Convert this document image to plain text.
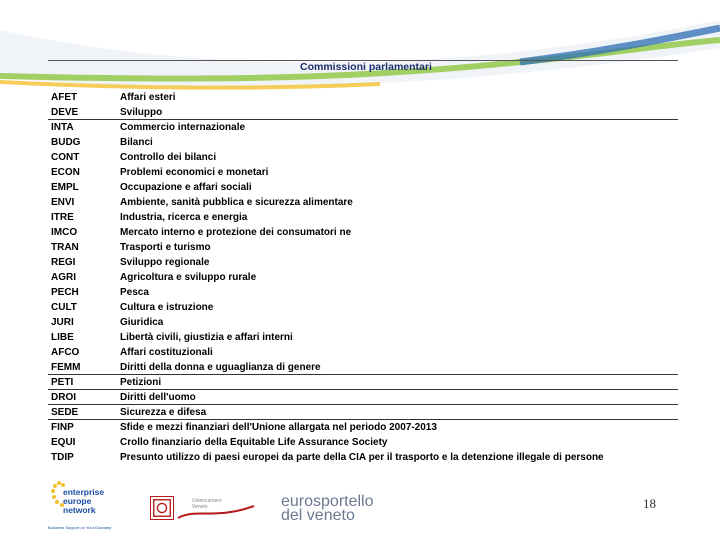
Commissioni parlamentari
AFET	Affari esteri
DEVE	Sviluppo
INTA	Commercio internazionale
BUDG	Bilanci
CONT	Controllo dei bilanci
ECON	Problemi economici e monetari
EMPL	Occupazione e affari sociali
ENVI	Ambiente, sanità pubblica e sicurezza alimentare
ITRE	Industria, ricerca e energia
IMCO	Mercato interno e protezione dei consumatori ne
TRAN	Trasporti e turismo
REGI	Sviluppo regionale
AGRI	Agricoltura e sviluppo rurale
PECH	Pesca
CULT	Cultura e istruzione
JURI	Giuridica
LIBE	Libertà civili, giustizia e affari interni
AFCO	Affari costituzionali
FEMM	Diritti della donna e uguaglianza di genere
PETI	Petizioni
DROI	Diritti dell'uomo
SEDE	Sicurezza e difesa
FINP	Sfide e mezzi finanziari dell'Unione allargata nel periodo 2007-2013
EQUI	Crollo finanziario della Equitable Life Assurance Society
TDIP	Presunto utilizzo di paesi europei da parte della CIA per il trasporto e la detenzione illegale di persone
enterprise europe network
Business Support on Your Doorstep
Unioncamere Veneto	eurosportello
del veneto
18
